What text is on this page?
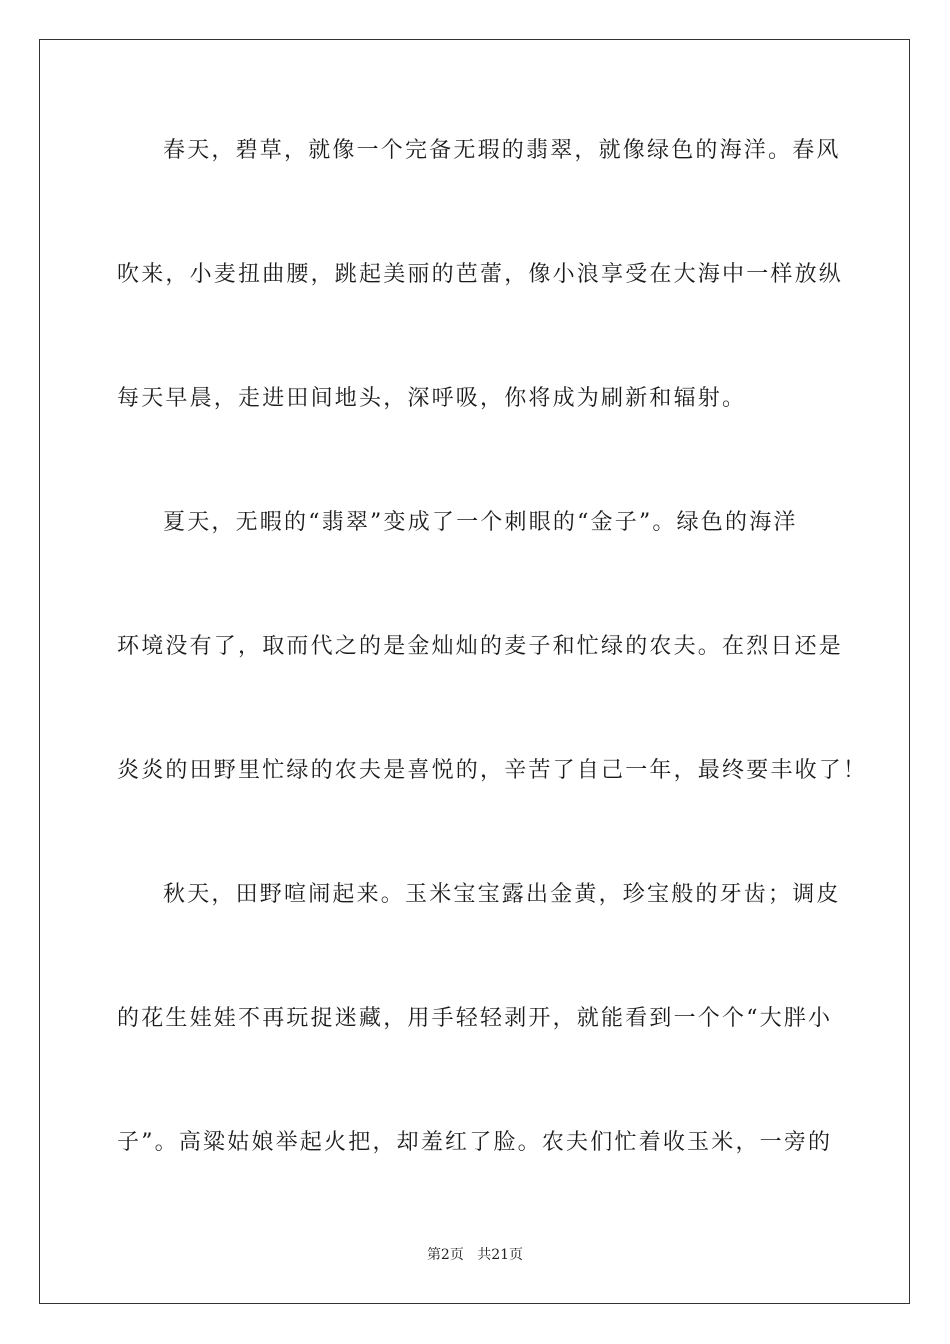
春天，碧草，就像一个完备无瑕的翡翠，就像绿色的海洋。春风
吹来，小麦扭曲腰，跳起美丽的芭蕾，像小浪享受在大海中一样放纵
每天早晨，走进田间地头，深呼吸，你将成为刷新和辐射。
夏天，无暇的“翡翠”变成了一个刺眼的“金子”。绿色的海洋
环境没有了，取而代之的是金灿灿的麦子和忙绿的农夫。在烈日还是
炎炎的田野里忙绿的农夫是喜悦的，辛苦了自己一年，最终要丰收了！
秋天，田野喧闹起来。玉米宝宝露出金黄，珍宝般的牙齿；调皮
的花生娃娃不再玩捉迷藏，用手轻轻剥开，就能看到一个个“大胖小
子”。高粱姑娘举起火把，却羞红了脸。农夫们忙着收玉米，一旁的
第2页 共21页
